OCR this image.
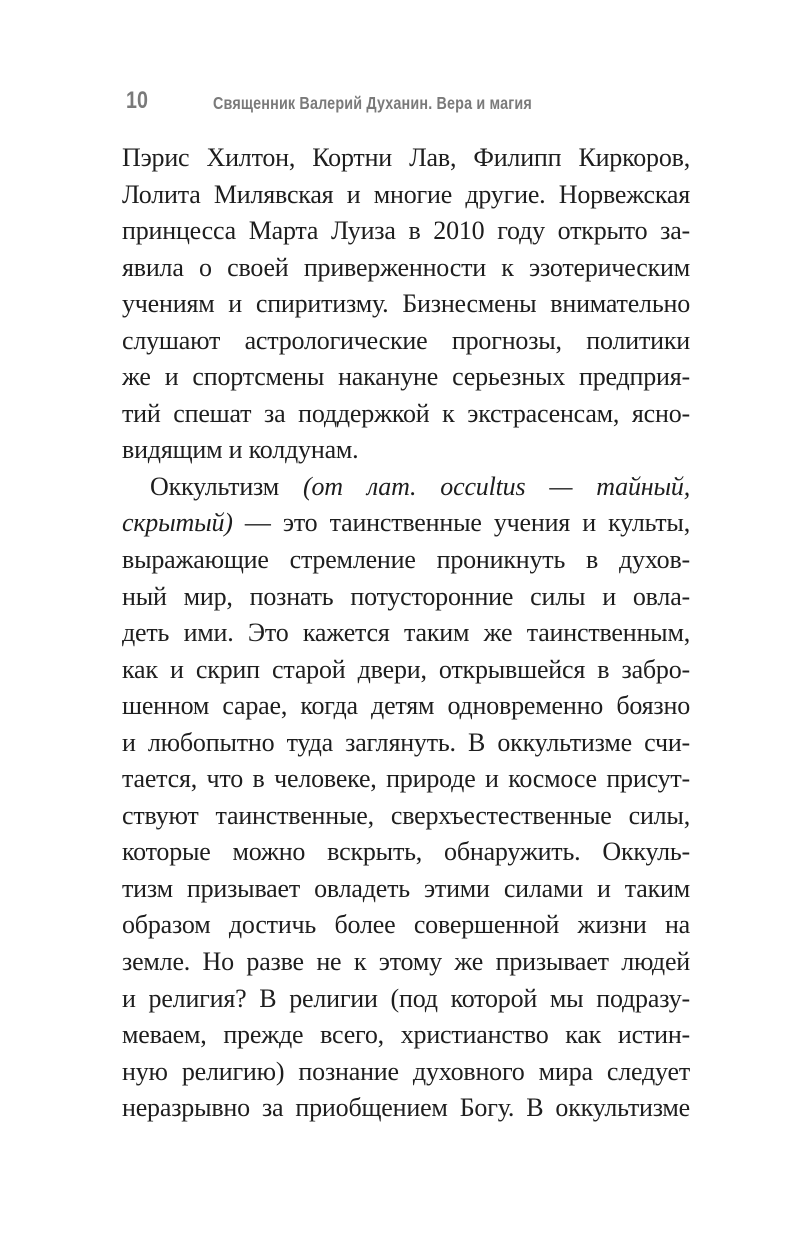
10	Священник Валерий Духанин. Вера и магия
Пэрис Хилтон, Кортни Лав, Филипп Киркоров,
Лолита Милявская и многие другие. Норвежская
принцесса Марта Луиза в 2010 году открыто за-
явила о своей приверженности к эзотерическим
учениям и спиритизму. Бизнесмены внимательно
слушают астрологические прогнозы, политики
же и спортсмены накануне серьезных предприя-
тий спешат за поддержкой к экстрасенсам, ясно-
видящим и колдунам.
Оккультизм (от лат. occultus — тайный,
скрытый) — это таинственные учения и культы,
выражающие стремление проникнуть в духов-
ный мир, познать потусторонние силы и овла-
деть ими. Это кажется таким же таинственным,
как и скрип старой двери, открывшейся в забро-
шенном сарае, когда детям одновременно боязно
и любопытно туда заглянуть. В оккультизме счи-
тается, что в человеке, природе и космосе присут-
ствуют таинственные, сверхъестественные силы,
которые можно вскрыть, обнаружить. Оккуль-
тизм призывает овладеть этими силами и таким
образом достичь более совершенной жизни на
земле. Но разве не к этому же призывает людей
и религия? В религии (под которой мы подразу-
меваем, прежде всего, христианство как истин-
ную религию) познание духовного мира следует
неразрывно за приобщением Богу. В оккультизме
